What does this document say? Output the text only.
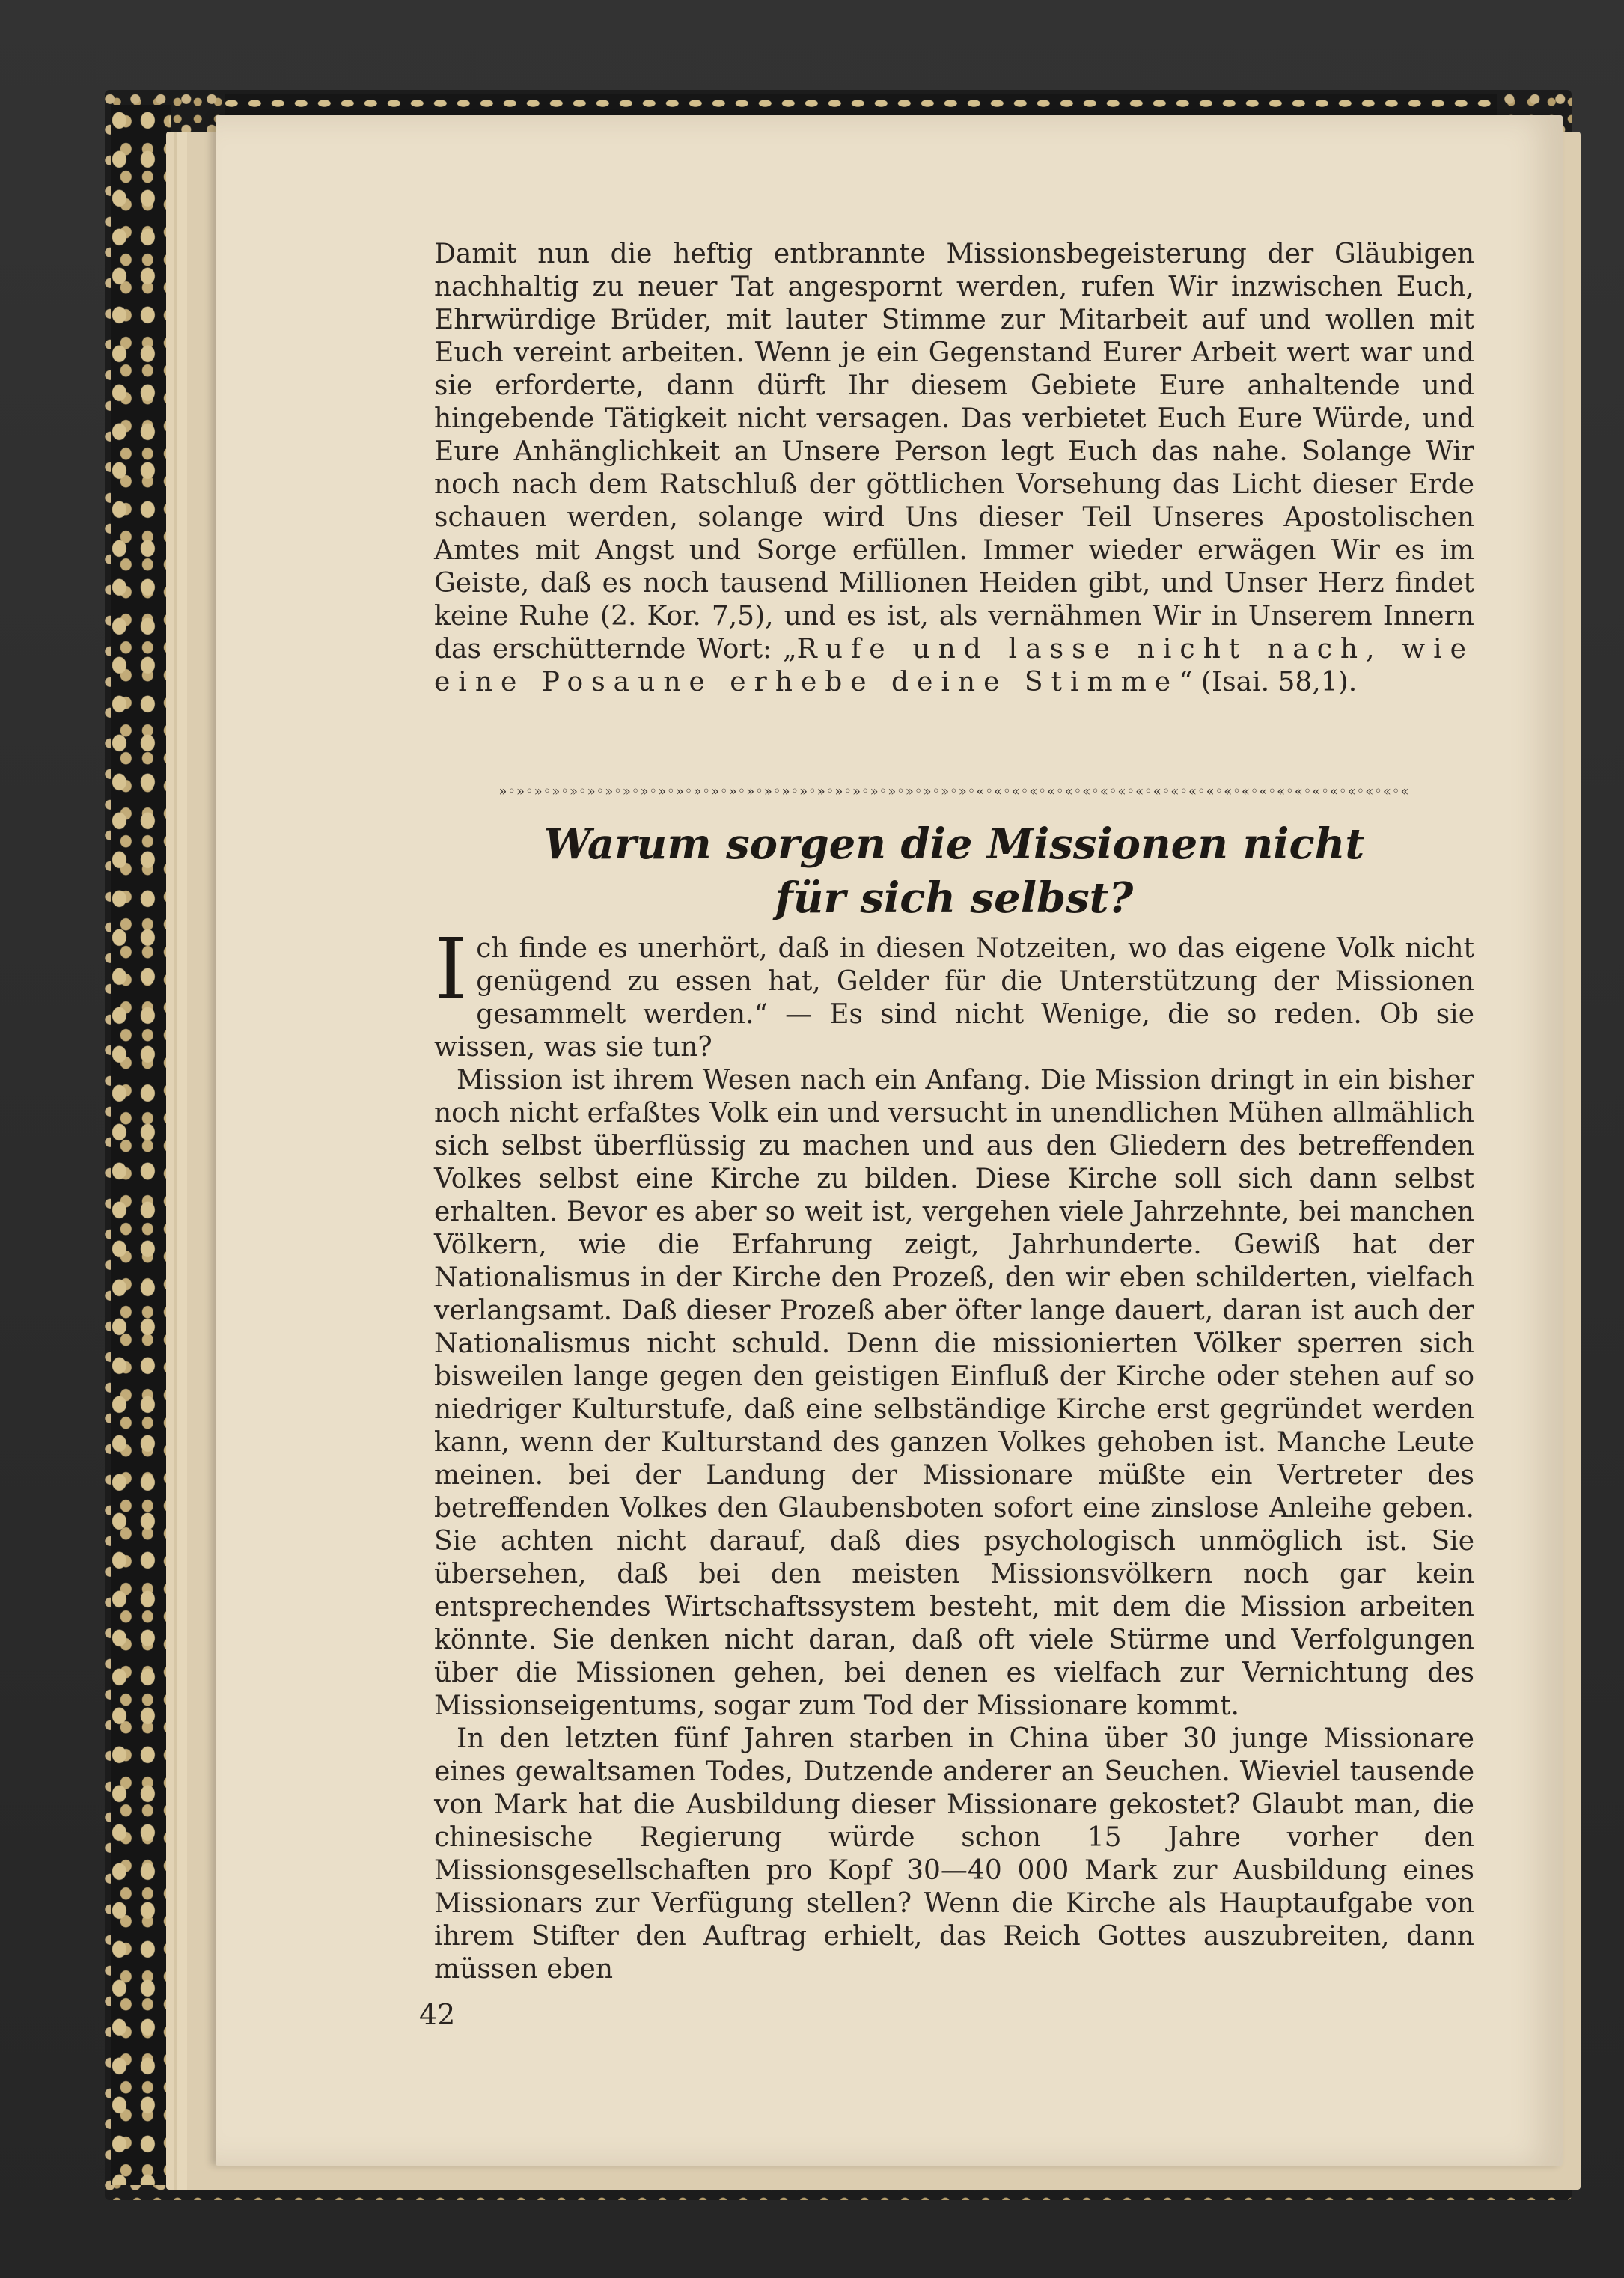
Damit nun die heftig entbrannte Missionsbegeisterung der Gläubigen nachhaltig zu neuer Tat angespornt werden, rufen Wir inzwischen Euch, Ehrwürdige Brüder, mit lauter Stimme zur Mitarbeit auf und wollen mit Euch vereint arbeiten. Wenn je ein Gegenstand Eurer Arbeit wert war und sie erforderte, dann dürft Ihr diesem Gebiete Eure anhaltende und hingebende Tätigkeit nicht versagen. Das verbietet Euch Eure Würde, und Eure Anhänglichkeit an Unsere Person legt Euch das nahe. Solange Wir noch nach dem Ratschluß der göttlichen Vorsehung das Licht dieser Erde schauen werden, solange wird Uns dieser Teil Unseres Apostolischen Amtes mit Angst und Sorge erfüllen. Immer wieder erwägen Wir es im Geiste, daß es noch tausend Millionen Heiden gibt, und Unser Herz findet keine Ruhe (2. Kor. 7,5), und es ist, als vernähmen Wir in Unserem Innern das erschütternde Wort: „Rufe und lasse nicht nach, wie eine Posaune erhebe deine Stimme“ (Isai. 58,1).

»◦»◦»◦»◦»◦»◦»◦»◦»◦»◦»◦»◦»◦»◦»◦»◦»◦»◦»◦»◦»◦»◦»◦»◦»◦»◦»◦«◦«◦«◦«◦«◦«◦«◦«◦«◦«◦«◦«◦«◦«◦«◦«◦«◦«◦«◦«◦«◦«◦«◦«◦«
Warum sorgen die Missionen nicht
für sich selbst?

Ich finde es unerhört, daß in diesen Notzeiten, wo das eigene Volk nicht genügend zu essen hat, Gelder für die Unterstützung der Missionen gesammelt werden.“ — Es sind nicht Wenige, die so reden. Ob sie wissen, was sie tun?

Mission ist ihrem Wesen nach ein Anfang. Die Mission dringt in ein bisher noch nicht erfaßtes Volk ein und versucht in unendlichen Mühen allmählich sich selbst überflüssig zu machen und aus den Gliedern des betreffenden Volkes selbst eine Kirche zu bilden. Diese Kirche soll sich dann selbst erhalten. Bevor es aber so weit ist, vergehen viele Jahrzehnte, bei manchen Völkern, wie die Erfahrung zeigt, Jahrhunderte. Gewiß hat der Nationalismus in der Kirche den Prozeß, den wir eben schilderten, vielfach verlangsamt. Daß dieser Prozeß aber öfter lange dauert, daran ist auch der Nationalismus nicht schuld. Denn die missionierten Völker sperren sich bisweilen lange gegen den geistigen Einfluß der Kirche oder stehen auf so niedriger Kulturstufe, daß eine selbständige Kirche erst gegründet werden kann, wenn der Kulturstand des ganzen Volkes gehoben ist. Manche Leute meinen. bei der Landung der Missionare müßte ein Vertreter des betreffenden Volkes den Glaubensboten sofort eine zinslose Anleihe geben. Sie achten nicht darauf, daß dies psychologisch unmöglich ist. Sie übersehen, daß bei den meisten Missionsvölkern noch gar kein entsprechendes Wirtschaftssystem besteht, mit dem die Mission arbeiten könnte. Sie denken nicht daran, daß oft viele Stürme und Verfolgungen über die Missionen gehen, bei denen es vielfach zur Vernichtung des Missionseigentums, sogar zum Tod der Missionare kommt.

In den letzten fünf Jahren starben in China über 30 junge Missionare eines gewaltsamen Todes, Dutzende anderer an Seuchen. Wieviel tausende von Mark hat die Ausbildung dieser Missionare gekostet? Glaubt man, die chinesische Regierung würde schon 15 Jahre vorher den Missionsgesellschaften pro Kopf 30—40 000 Mark zur Ausbildung eines Missionars zur Verfügung stellen? Wenn die Kirche als Hauptaufgabe von ihrem Stifter den Auftrag erhielt, das Reich Gottes auszubreiten, dann müssen eben

42
